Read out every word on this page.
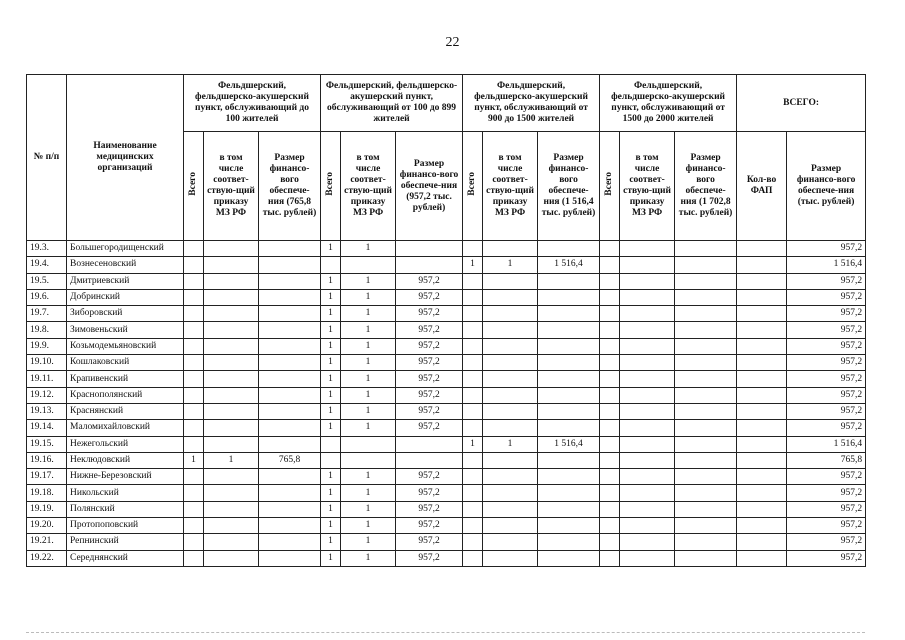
22
№ п/п	Наименование медицинских организаций	Фельдшерский, фельдшерско-акушерский пункт, обслуживающий до 100 жителей			Фельдшерский, фельдшерско-акушерский пункт, обслуживающий от 100 до 899 жителей			Фельдшерский, фельдшерско-акушерский пункт, обслуживающий от 900 до 1500 жителей			Фельдшерский, фельдшерско-акушерский пункт, обслуживающий от 1500 до 2000 жителей			ВСЕГО:	
		Всего	в том числе соответ-ствую-щий приказу МЗ РФ	Размер финансо-вого обеспече-ния (765,8 тыс. рублей)	Всего	в том числе соответ-ствую-щий приказу МЗ РФ	Размер финансо-вого обеспече-ния (957,2 тыс. рублей)	Всего	в том числе соответ-ствую-щий приказу МЗ РФ	Размер финансо-вого обеспече-ния (1 516,4 тыс. рублей)	Всего	в том числе соответ-ствую-щий приказу МЗ РФ	Размер финансо-вого обеспече-ния (1 702,8 тыс. рублей)	Кол-во ФАП	Размер финансо-вого обеспече-ния (тыс. рублей)
19.3.	Большегородищенский				1	1									957,2
19.4.	Вознесеновский							1	1	1 516,4					1 516,4
19.5.	Дмитриевский				1	1	957,2								957,2
19.6.	Добринский				1	1	957,2								957,2
19.7.	Зиборовский				1	1	957,2								957,2
19.8.	Зимовеньский				1	1	957,2								957,2
19.9.	Козьмодемьяновский				1	1	957,2								957,2
19.10.	Кошлаковский				1	1	957,2								957,2
19.11.	Крапивенский				1	1	957,2								957,2
19.12.	Краснополянский				1	1	957,2								957,2
19.13.	Краснянский				1	1	957,2								957,2
19.14.	Маломихайловский				1	1	957,2								957,2
19.15.	Нежегольский							1	1	1 516,4					1 516,4
19.16.	Неклюдовский	1	1	765,8											765,8
19.17.	Нижне-Березовский				1	1	957,2								957,2
19.18.	Никольский				1	1	957,2								957,2
19.19.	Полянский				1	1	957,2								957,2
19.20.	Протопоповский				1	1	957,2								957,2
19.21.	Репнинский				1	1	957,2								957,2
19.22.	Середнянский				1	1	957,2								957,2
